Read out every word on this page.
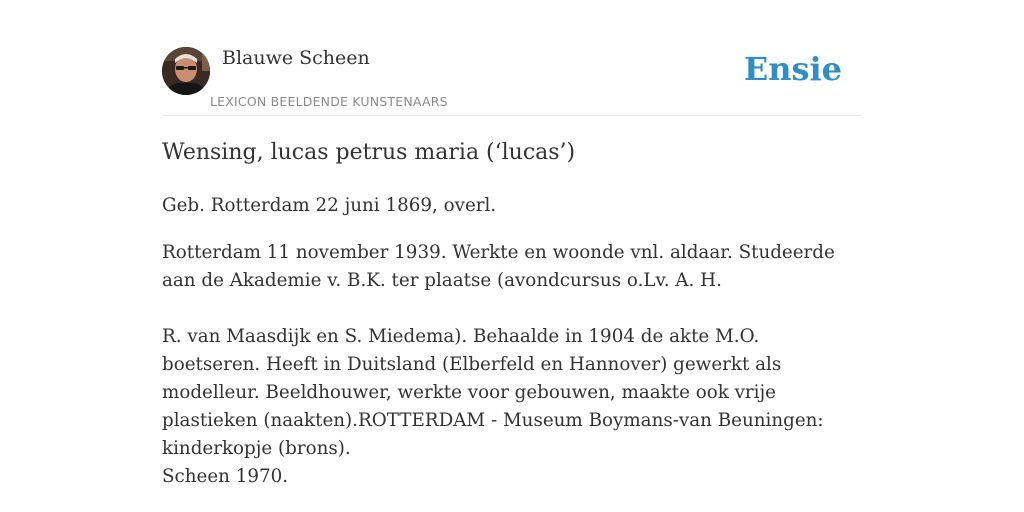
Blauwe Scheen
LEXICON BEELDENDE KUNSTENAARS
Ensie
Wensing, lucas petrus maria (‘lucas’)

Geb. Rotterdam 22 juni 1869, overl.

Rotterdam 11 november 1939. Werkte en woonde vnl. aldaar. Studeerde aan de Akademie v. B.K. ter plaatse (avondcursus o.Lv. A. H.

R. van Maasdijk en S. Miedema). Behaalde in 1904 de akte M.O. boetseren. Heeft in Duitsland (Elberfeld en Hannover) gewerkt als modelleur. Beeldhouwer, werkte voor gebouwen, maakte ook vrije plastieken (naakten).ROTTERDAM - Museum Boymans-van Beuningen: kinderkopje (brons).

Scheen 1970.
